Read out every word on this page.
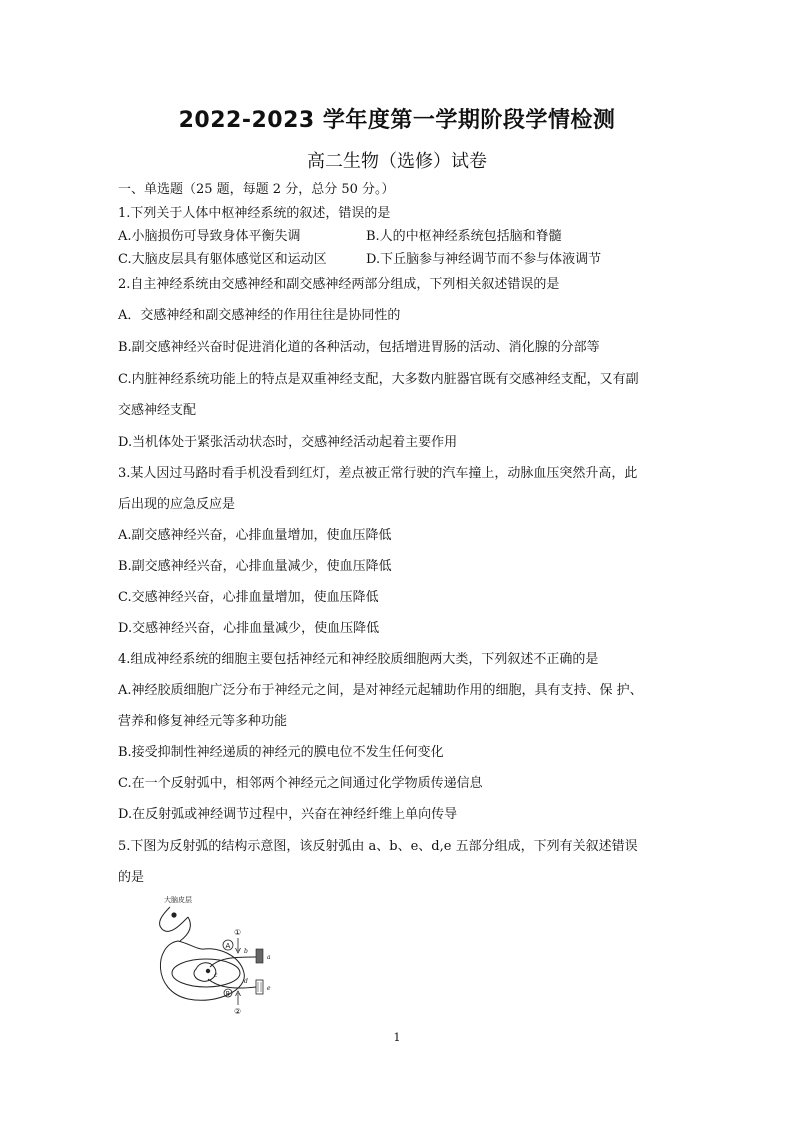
2022-2023 学年度第一学期阶段学情检测
高二生物（选修）试卷
一、单选题（25 题，每题 2 分，总分 50 分。）
1.下列关于人体中枢神经系统的叙述，错误的是
A.小脑损伤可导致身体平衡失调	B.人的中枢神经系统包括脑和脊髓
C.大脑皮层具有躯体感觉区和运动区	D.下丘脑参与神经调节而不参与体液调节
2.自主神经系统由交感神经和副交感神经两部分组成，下列相关叙述错误的是
A．交感神经和副交感神经的作用往往是协同性的
B.副交感神经兴奋时促进消化道的各种活动，包括增进胃肠的活动、消化腺的分部等
C.内脏神经系统功能上的特点是双重神经支配，大多数内脏器官既有交感神经支配，又有副
交感神经支配
D.当机体处于紧张活动状态时，交感神经活动起着主要作用
3.某人因过马路时看手机没看到红灯，差点被正常行驶的汽车撞上，动脉血压突然升高，此
后出现的应急反应是
A.副交感神经兴奋，心排血量增加，使血压降低
B.副交感神经兴奋，心排血量减少，使血压降低
C.交感神经兴奋，心排血量增加，使血压降低
D.交感神经兴奋，心排血量减少，使血压降低
4.组成神经系统的细胞主要包括神经元和神经胶质细胞两大类，下列叙述不正确的是
A.神经胶质细胞广泛分布于神经元之间，是对神经元起辅助作用的细胞，具有支持、保 护、
营养和修复神经元等多种功能
B.接受抑制性神经递质的神经元的膜电位不发生任何变化
C.在一个反射弧中，相邻两个神经元之间通过化学物质传递信息
D.在反射弧或神经调节过程中，兴奋在神经纤维上单向传导
5.下图为反射弧的结构示意图，该反射弧由 a、b、e、d,e 五部分组成，下列有关叙述错误
的是
大脑皮层
c
a
e
b
d
①
A
B
②
1
